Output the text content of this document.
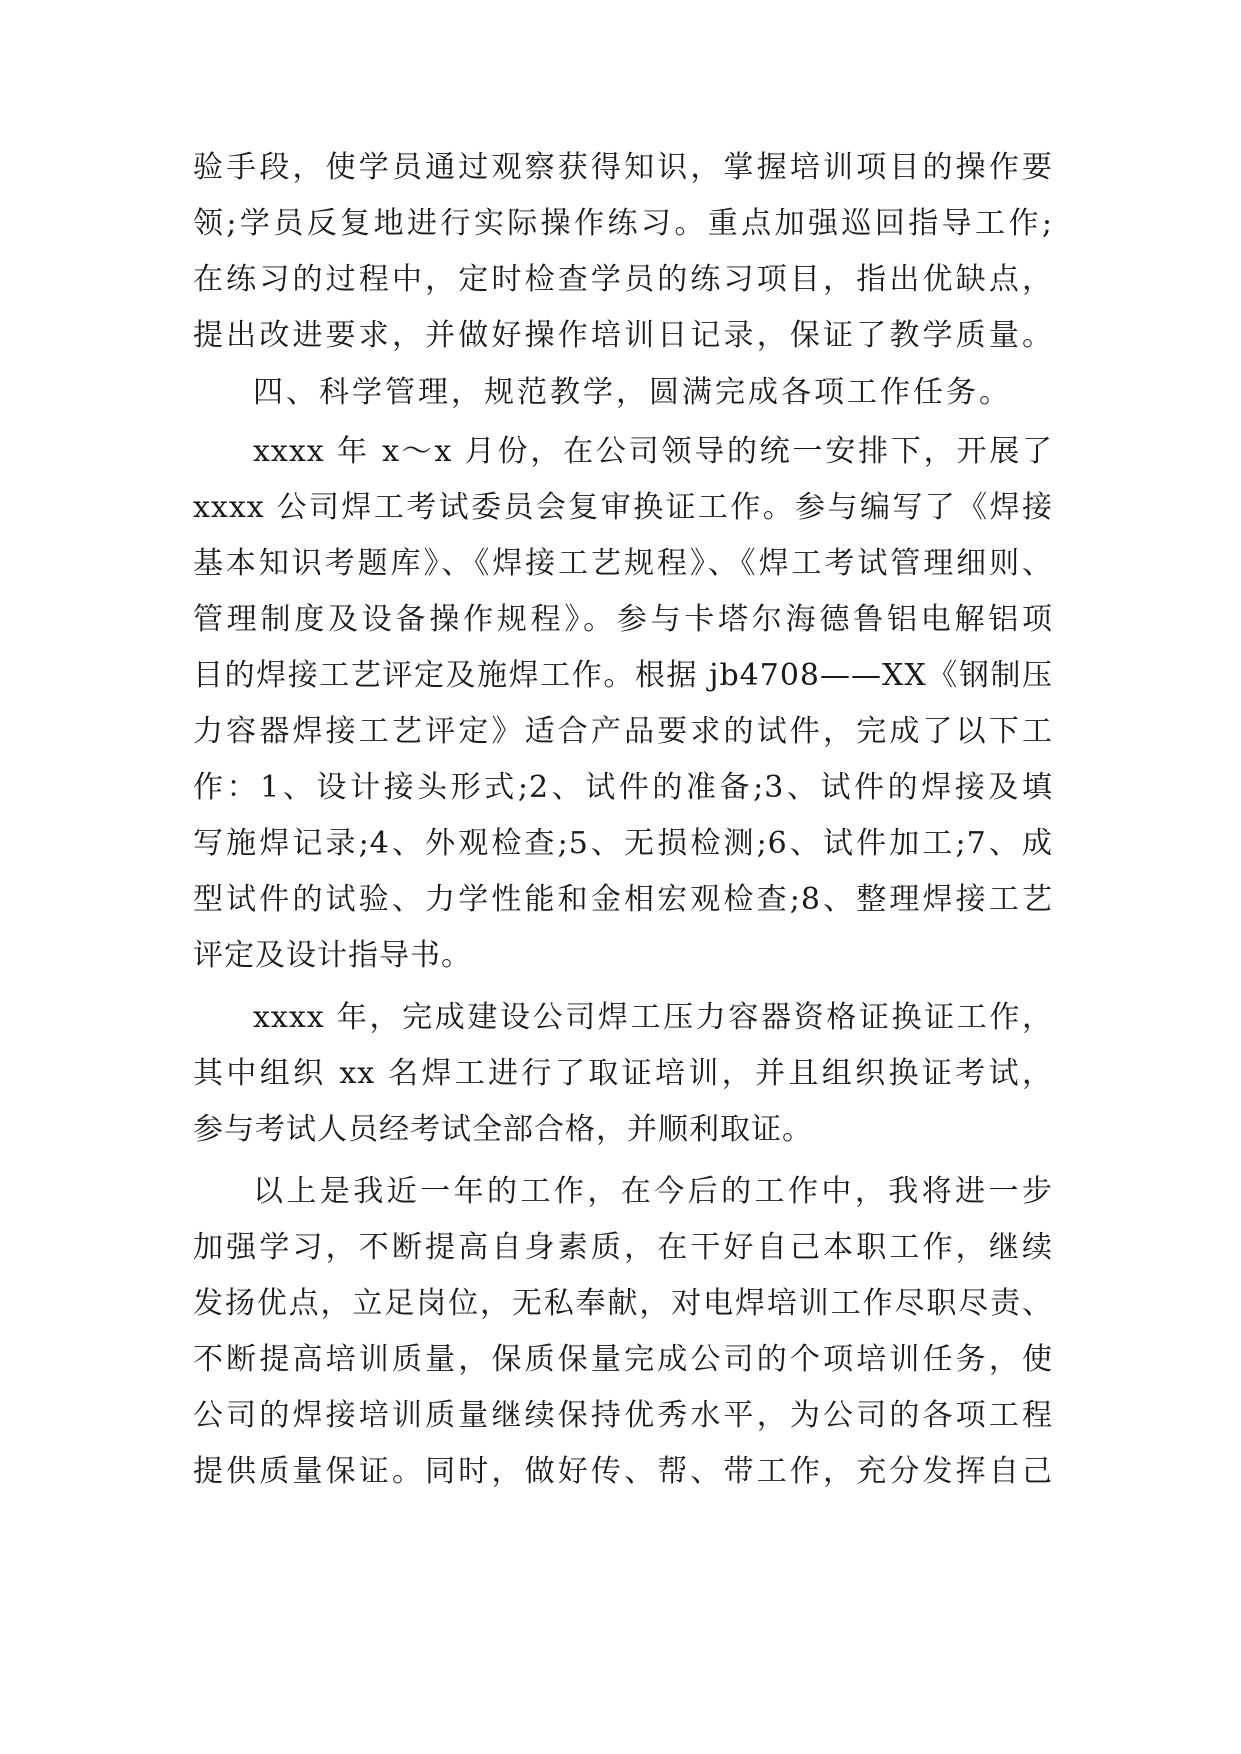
验手段，使学员通过观察获得知识，掌握培训项目的操作要
领;学员反复地进行实际操作练习。重点加强巡回指导工作;
在练习的过程中，定时检查学员的练习项目，指出优缺点，
提出改进要求，并做好操作培训日记录，保证了教学质量。
四、科学管理，规范教学，圆满完成各项工作任务。
xxxx 年 x～x 月份，在公司领导的统一安排下，开展了
xxxx 公司焊工考试委员会复审换证工作。参与编写了《焊接
基本知识考题库》、《焊接工艺规程》、《焊工考试管理细则、
管理制度及设备操作规程》。参与卡塔尔海德鲁铝电解铝项
目的焊接工艺评定及施焊工作。根据 jb4708——XX《钢制压
力容器焊接工艺评定》适合产品要求的试件，完成了以下工
作：1、设计接头形式;2、试件的准备;3、试件的焊接及填
写施焊记录;4、外观检查;5、无损检测;6、试件加工;7、成
型试件的试验、力学性能和金相宏观检查;8、整理焊接工艺
评定及设计指导书。
xxxx 年，完成建设公司焊工压力容器资格证换证工作，
其中组织 xx 名焊工进行了取证培训，并且组织换证考试，
参与考试人员经考试全部合格，并顺利取证。
以上是我近一年的工作，在今后的工作中，我将进一步
加强学习，不断提高自身素质，在干好自己本职工作，继续
发扬优点，立足岗位，无私奉献，对电焊培训工作尽职尽责、
不断提高培训质量，保质保量完成公司的个项培训任务，使
公司的焊接培训质量继续保持优秀水平，为公司的各项工程
提供质量保证。同时，做好传、帮、带工作，充分发挥自己
